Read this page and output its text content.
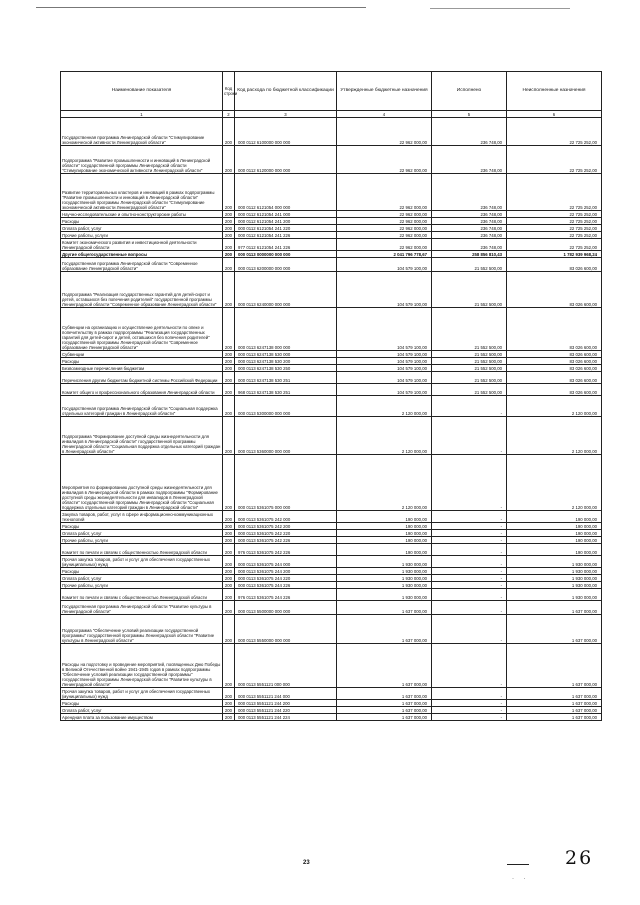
Наименование показателя	Код строки	Код расхода по бюджетной классификации	Утвержденные бюджетные назначения	Исполнено	Неисполненные назначения
1	2	3	4	5	6
Государственная программа Ленинградской области "Стимулирование экономической активности Ленинградской области"	200	000 0112 6100000 000 000	22 962 000,00	236 748,00	22 725 252,00
Подпрограмма "Развитие промышленности и инноваций в Ленинградской области" государственной программы Ленинградской области "Стимулирование экономической активности Ленинградской области"	200	000 0112 6120000 000 000	22 962 000,00	236 748,00	22 725 252,00
Развитие территориальных кластеров и инноваций в рамках подпрограммы "Развитие промышленности и инноваций в Ленинградской области" государственной программы Ленинградской области "Стимулирование экономической активности Ленинградской области"	200	000 0112 6121054 000 000	22 962 000,00	236 748,00	22 725 252,00
Научно-исследовательские и опытно-конструкторские работы	200	000 0112 6121054 241 000	22 962 000,00	236 748,00	22 725 252,00
Расходы	200	000 0112 6121054 241 200	22 962 000,00	236 748,00	22 725 252,00
Оплата работ, услуг	200	000 0112 6121054 241 220	22 962 000,00	236 748,00	22 725 252,00
Прочие работы, услуги	200	000 0112 6121054 241 226	22 962 000,00	236 748,00	22 725 252,00
Комитет экономического развития и инвестиционной деятельности Ленинградской области	200	977 0112 6121054 241 226	22 962 000,00	236 748,00	22 725 252,00
Другие общегосударственные вопросы	200	000 0113 0000000 000 000	2 041 796 778,67	258 856 810,43	1 782 939 968,24
Государственная программа Ленинградской области "Современное образование Ленинградской области"	200	000 0113 6200000 000 000	104 579 100,00	21 552 500,00	83 026 600,00
Подпрограмма "Реализация государственных гарантий для детей-сирот и детей, оставшихся без попечения родителей" государственной программы Ленинградской области "Современное образование Ленинградской области"	200	000 0113 6240000 000 000	104 579 100,00	21 552 500,00	83 026 600,00
Субвенции на организацию и осуществление деятельности по опеке и попечительству в рамках подпрограммы "Реализация государственных гарантий для детей-сирот и детей, оставшихся без попечения родителей" государственной программы Ленинградской области "Современное образование Ленинградской области"	200	000 0113 6247138 000 000	104 579 100,00	21 552 500,00	83 026 600,00
Субвенции	200	000 0113 6247138 530 000	104 579 100,00	21 552 500,00	83 026 600,00
Расходы	200	000 0113 6247138 530 200	104 579 100,00	21 552 500,00	83 026 600,00
Безвозмездные перечисления бюджетам	200	000 0113 6247138 530 250	104 579 100,00	21 552 500,00	83 026 600,00
Перечисления другим бюджетам бюджетной системы Российской Федерации	200	000 0113 6247138 530 251	104 579 100,00	21 552 500,00	83 026 600,00
Комитет общего и профессионального образования Ленинградской области	200	968 0113 6247138 530 251	104 579 100,00	21 552 500,00	83 026 600,00
Государственная программа Ленинградской области "Социальная поддержка отдельных категорий граждан в Ленинградской области"	200	000 0113 5300000 000 000	2 120 000,00	-	2 120 000,00
Подпрограмма "Формирование доступной среды жизнедеятельности для инвалидов в Ленинградской области" государственной программы Ленинградской области "Социальная поддержка отдельных категорий граждан в Ленинградской области"	200	000 0113 5360000 000 000	2 120 000,00	-	2 120 000,00
Мероприятия по формированию доступной среды жизнедеятельности для инвалидов в Ленинградской области в рамках подпрограммы "Формирование доступной среды жизнедеятельности для инвалидов в Ленинградской области" государственной программы Ленинградской области "Социальная поддержка отдельных категорий граждан в Ленинградской области"	200	000 0113 5361075 000 000	2 120 000,00	-	2 120 000,00
Закупка товаров, работ, услуг в сфере информационно-коммуникационных технологий	200	000 0113 5361075 242 000	190 000,00	-	190 000,00
Расходы	200	000 0113 5361075 242 200	190 000,00	-	190 000,00
Оплата работ, услуг	200	000 0113 5361075 242 220	190 000,00	-	190 000,00
Прочие работы, услуги	200	000 0113 5361075 242 226	190 000,00	-	190 000,00
Комитет по печати и связям с общественностью Ленинградской области	200	976 0113 5361075 242 226	190 000,00	-	190 000,00
Прочая закупка товаров, работ и услуг для обеспечения государственных (муниципальных) нужд	200	000 0113 5361075 244 000	1 930 000,00	-	1 930 000,00
Расходы	200	000 0113 5361075 244 200	1 930 000,00	-	1 930 000,00
Оплата работ, услуг	200	000 0113 5361075 244 220	1 930 000,00	-	1 930 000,00
Прочие работы, услуги	200	000 0113 5361075 244 226	1 930 000,00	-	1 930 000,00
Комитет по печати и связям с общественностью Ленинградской области	200	976 0113 5361075 244 226	1 930 000,00	-	1 930 000,00
Государственная программа Ленинградской области "Развитие культуры в Ленинградской области"	200	000 0113 5500000 000 000	1 637 000,00	-	1 637 000,00
Подпрограмма "Обеспечение условий реализации государственной программы" государственной программы Ленинградской области "Развитие культуры в Ленинградской области"	200	000 0113 5550000 000 000	1 637 000,00	-	1 637 000,00
Расходы на подготовку и проведение мероприятий, посвященных Дню Победы в Великой Отечественной войне 1941-1945 годов в рамках подпрограммы "Обеспечение условий реализации государственной программы" государственной программы Ленинградской области "Развитие культуры в Ленинградской области"	200	000 0113 5551121 000 000	1 637 000,00	-	1 637 000,00
Прочая закупка товаров, работ и услуг для обеспечения государственных (муниципальных) нужд	200	000 0113 5551121 244 000	1 637 000,00	-	1 637 000,00
Расходы	200	000 0113 5551121 244 200	1 637 000,00	-	1 637 000,00
Оплата работ, услуг	200	000 0113 5551121 244 220	1 637 000,00	-	1 637 000,00
Арендная плата за пользование имуществом	200	000 0113 5551121 244 224	1 637 000,00	-	1 637 000,00
23	26
· ·
